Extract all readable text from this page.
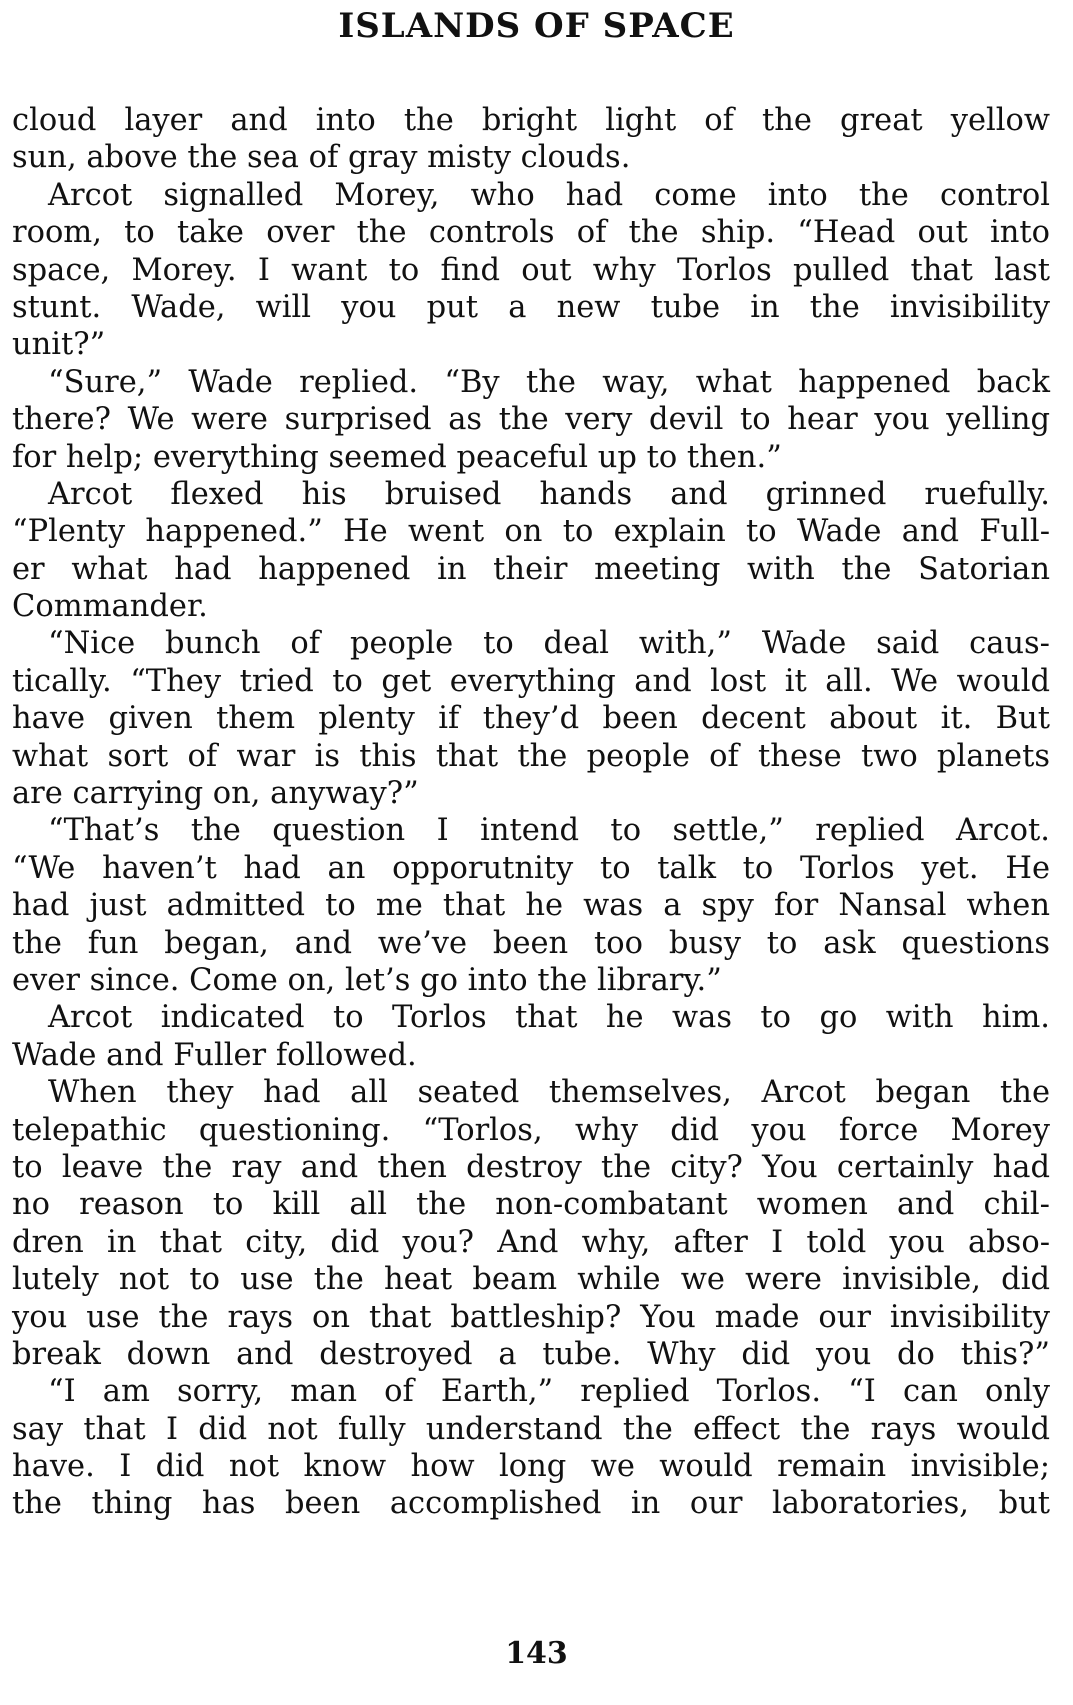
ISLANDS OF SPACE
cloud layer and into the bright light of the great yellow
sun, above the sea of gray misty clouds.
Arcot signalled Morey, who had come into the control
room, to take over the controls of the ship. “Head out into
space, Morey. I want to find out why Torlos pulled that last
stunt. Wade, will you put a new tube in the invisibility
unit?”
“Sure,” Wade replied. “By the way, what happened back
there? We were surprised as the very devil to hear you yelling
for help; everything seemed peaceful up to then.”
Arcot flexed his bruised hands and grinned ruefully.
“Plenty happened.” He went on to explain to Wade and Full-
er what had happened in their meeting with the Satorian
Commander.
“Nice bunch of people to deal with,” Wade said caus-
tically. “They tried to get everything and lost it all. We would
have given them plenty if they’d been decent about it. But
what sort of war is this that the people of these two planets
are carrying on, anyway?”
“That’s the question I intend to settle,” replied Arcot.
“We haven’t had an opporutnity to talk to Torlos yet. He
had just admitted to me that he was a spy for Nansal when
the fun began, and we’ve been too busy to ask questions
ever since. Come on, let’s go into the library.”
Arcot indicated to Torlos that he was to go with him.
Wade and Fuller followed.
When they had all seated themselves, Arcot began the
telepathic questioning. “Torlos, why did you force Morey
to leave the ray and then destroy the city? You certainly had
no reason to kill all the non-combatant women and chil-
dren in that city, did you? And why, after I told you abso-
lutely not to use the heat beam while we were invisible, did
you use the rays on that battleship? You made our invisibility
break down and destroyed a tube. Why did you do this?”
“I am sorry, man of Earth,” replied Torlos. “I can only
say that I did not fully understand the effect the rays would
have. I did not know how long we would remain invisible;
the thing has been accomplished in our laboratories, but
143
